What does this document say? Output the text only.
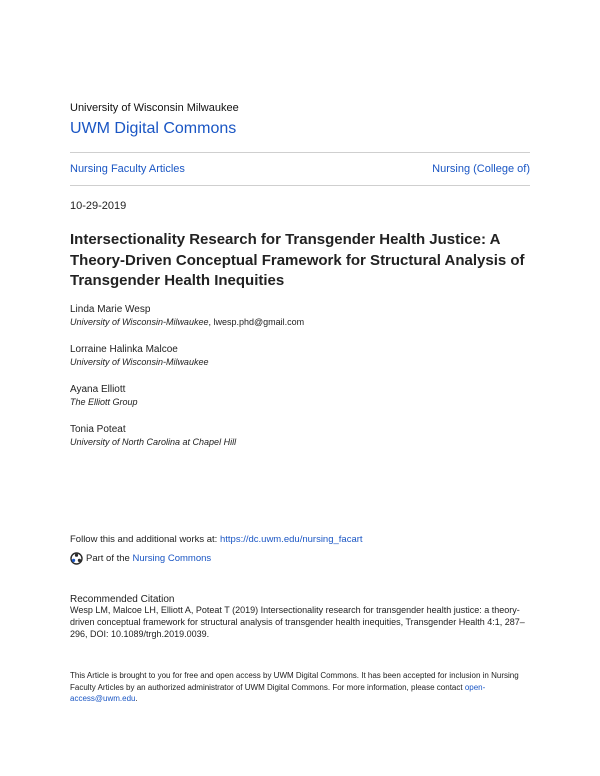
University of Wisconsin Milwaukee
UWM Digital Commons
Nursing Faculty Articles	Nursing (College of)
10-29-2019
Intersectionality Research for Transgender Health Justice: A Theory-Driven Conceptual Framework for Structural Analysis of Transgender Health Inequities
Linda Marie Wesp
University of Wisconsin-Milwaukee, lwesp.phd@gmail.com
Lorraine Halinka Malcoe
University of Wisconsin-Milwaukee
Ayana Elliott
The Elliott Group
Tonia Poteat
University of North Carolina at Chapel Hill
Follow this and additional works at: https://dc.uwm.edu/nursing_facart
Part of the
Nursing Commons
Recommended Citation
Wesp LM, Malcoe LH, Elliott A, Poteat T (2019) Intersectionality research for transgender health justice: a theory-driven conceptual framework for structural analysis of transgender health inequities, Transgender Health 4:1, 287–296, DOI: 10.1089/trgh.2019.0039.
This Article is brought to you for free and open access by UWM Digital Commons. It has been accepted for inclusion in Nursing Faculty Articles by an authorized administrator of UWM Digital Commons. For more information, please contact open-access@uwm.edu.
